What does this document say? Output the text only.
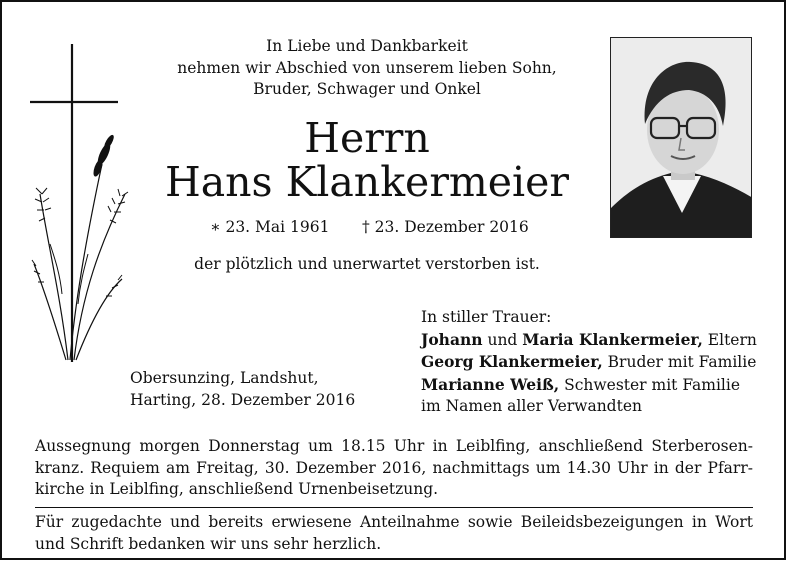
In Liebe und Dankbarkeit
nehmen wir Abschied von unserem lieben Sohn,
Bruder, Schwager und Onkel
Herrn
Hans Klankermeier
∗ 23. Mai 1961 † 23. Dezember 2016
der plötzlich und unerwartet verstorben ist.
Obersunzing, Landshut,
Harting, 28. Dezember 2016
In stiller Trauer:
Johann und Maria Klankermeier, Eltern
Georg Klankermeier, Bruder mit Familie
Marianne Weiß, Schwester mit Familie
im Namen aller Verwandten
Aussegnung morgen Donnerstag um 18.15 Uhr in Leiblfing, anschließend Sterberosenkranz. Requiem am Freitag, 30. Dezember 2016, nachmittags um 14.30 Uhr in der Pfarrkirche in Leiblfing, anschließend Urnenbeisetzung.
Für zugedachte und bereits erwiesene Anteilnahme sowie Beileidsbezeigungen in Wort und Schrift bedanken wir uns sehr herzlich.
